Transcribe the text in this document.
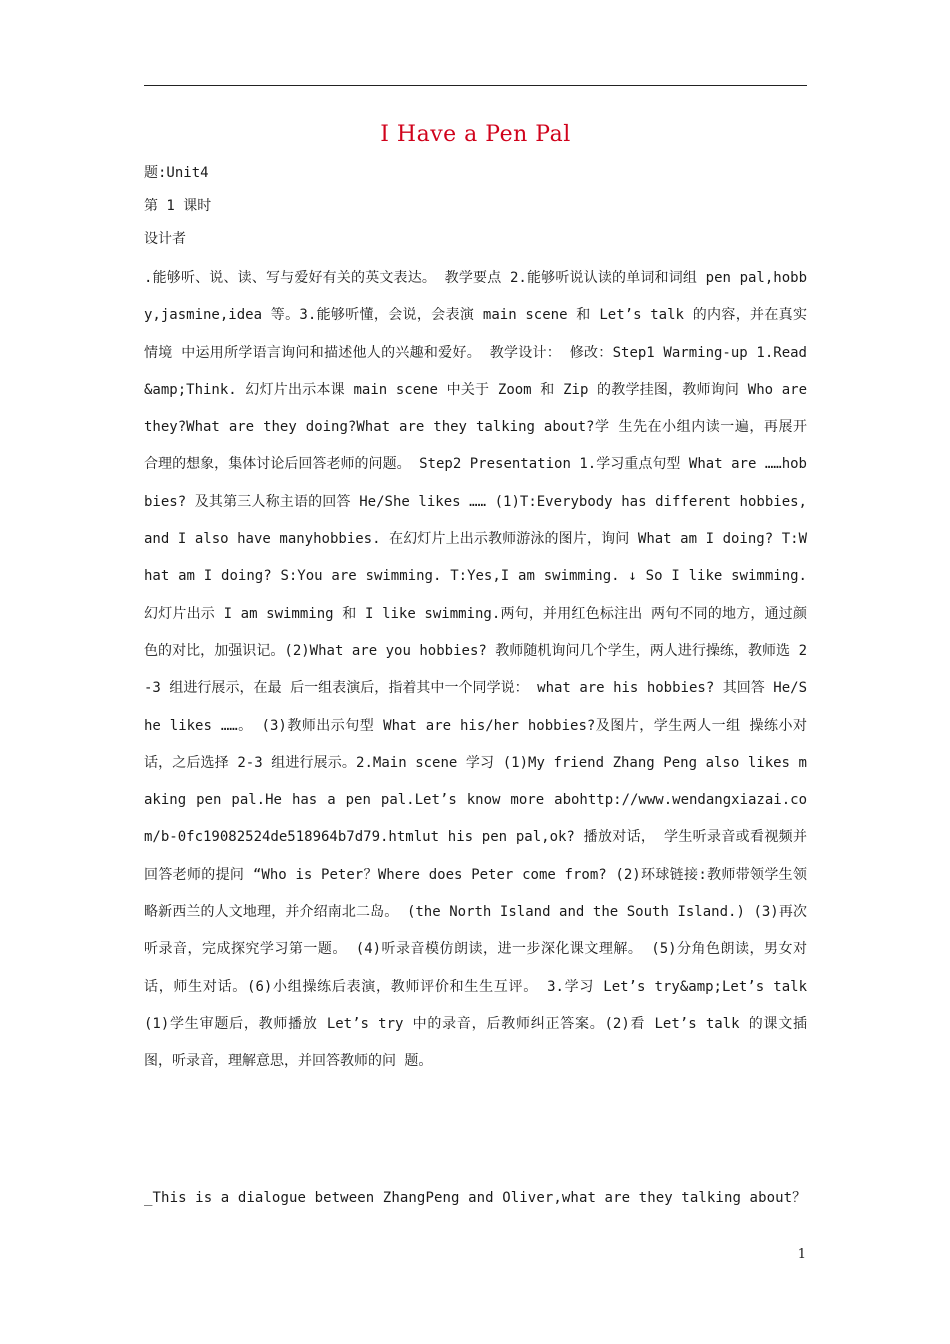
I Have a Pen Pal
题:Unit4
第 1 课时
设计者
.能够听、说、读、写与爱好有关的英文表达。 教学要点 2.能够听说认读的单词和词组 pen pal,hobby,jasmine,idea 等。3.能够听懂，会说，会表演 main scene 和 Let’s talk 的内容，并在真实情境 中运用所学语言询问和描述他人的兴趣和爱好。 教学设计： 修改：Step1 Warming-up 1.Read &amp;Think. 幻灯片出示本课 main scene 中关于 Zoom 和 Zip 的教学挂图，教师询问 Who are they?What are they doing?What are they talking about?学 生先在小组内读一遍，再展开合理的想象，集体讨论后回答老师的问题。 Step2 Presentation 1.学习重点句型 What are ……hobbies? 及其第三人称主语的回答 He/She likes …… (1)T:Everybody has different hobbies,and I also have manyhobbies. 在幻灯片上出示教师游泳的图片，询问 What am I doing? T:What am I doing? S:You are swimming. T:Yes,I am swimming. ↓ So I like swimming. 幻灯片出示 I am swimming 和 I like swimming.两句，并用红色标注出 两句不同的地方，通过颜色的对比，加强识记。(2)What are you hobbies? 教师随机询问几个学生，两人进行操练，教师选 2-3 组进行展示，在最 后一组表演后，指着其中一个同学说： what are his hobbies? 其回答 He/She likes ……。 (3)教师出示句型 What are his/her hobbies?及图片，学生两人一组 操练小对话，之后选择 2-3 组进行展示。2.Main scene 学习 (1)My friend Zhang Peng also likes making pen pal.He has a pen pal.Let’s know more abohttp://www.wendangxiazai.com/b-0fc19082524de518964b7d79.htmlut his pen pal,ok? 播放对话， 学生听录音或看视频并回答老师的提问 “Who is Peter？Where does Peter come from? (2)环球链接:教师带领学生领略新西兰的人文地理，并介绍南北二岛。 (the North Island and the South Island.) (3)再次听录音，完成探究学习第一题。 (4)听录音模仿朗读，进一步深化课文理解。 (5)分角色朗读，男女对话，师生对话。(6)小组操练后表演，教师评价和生生互评。 3.学习 Let’s try&amp;Let’s talk (1)学生审题后，教师播放 Let’s try 中的录音，后教师纠正答案。(2)看 Let’s talk 的课文插图，听录音，理解意思，并回答教师的问 题。
_This is a dialogue between ZhangPeng and Oliver,what are they talking about？
1
